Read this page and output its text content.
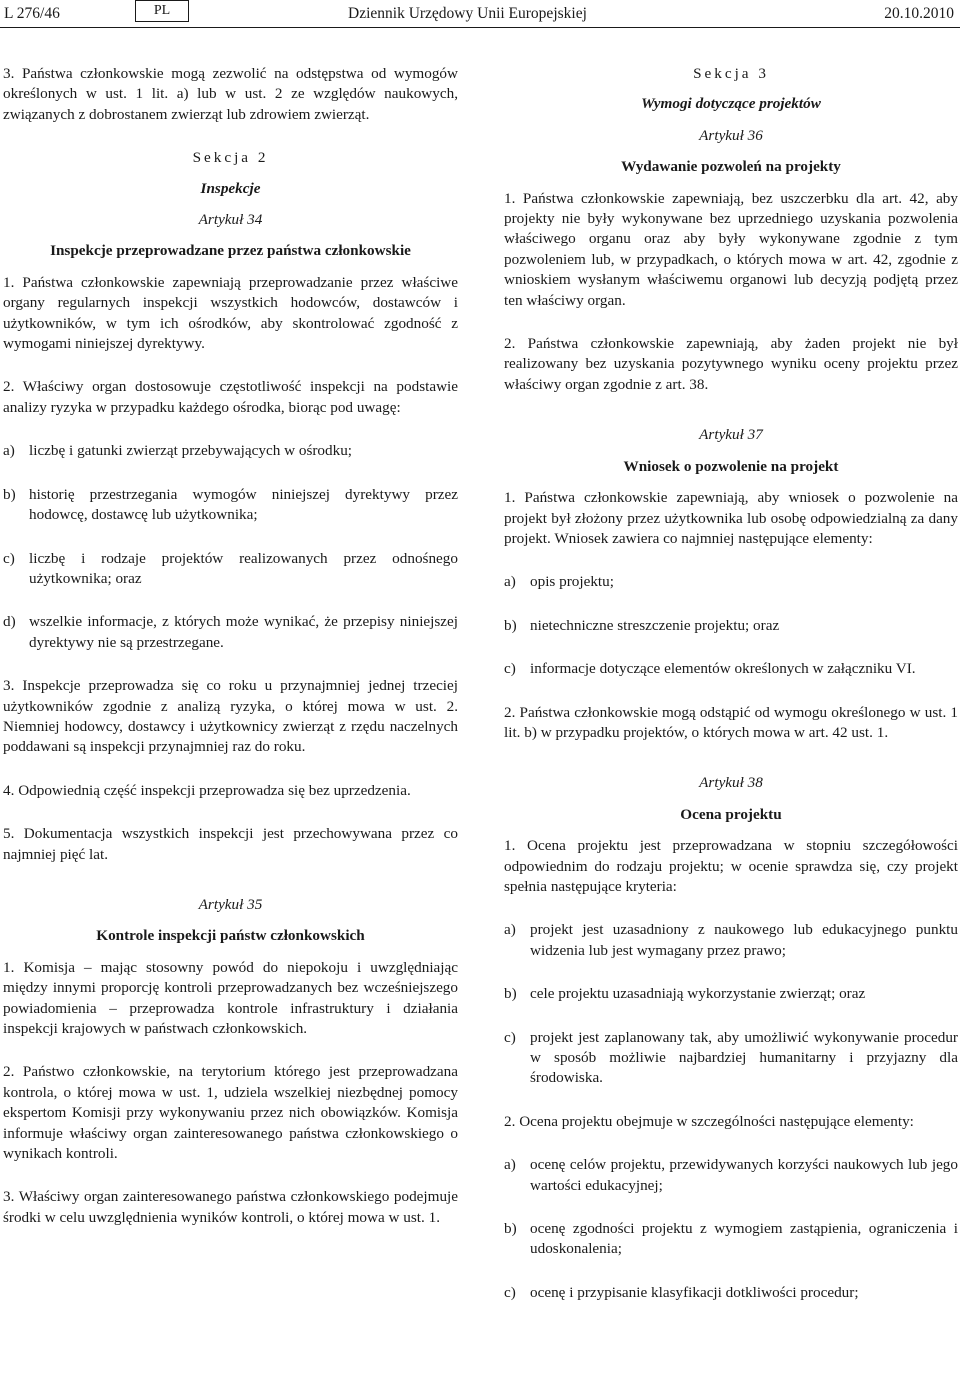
L 276/46	PL	Dziennik Urzędowy Unii Europejskiej	20.10.2010

3. Państwa członkowskie mogą zezwolić na odstępstwa od wymogów określonych w ust. 1 lit. a) lub w ust. 2 ze względów naukowych, związanych z dobrostanem zwierząt lub zdrowiem zwierząt.

Sekcja 2
Inspekcje
Artykuł 34
Inspekcje przeprowadzane przez państwa członkowskie

1. Państwa członkowskie zapewniają przeprowadzanie przez właściwe organy regularnych inspekcji wszystkich hodowców, dostawców i użytkowników, w tym ich ośrodków, aby skontrolować zgodność z wymogami niniejszej dyrektywy.

2. Właściwy organ dostosowuje częstotliwość inspekcji na podstawie analizy ryzyka w przypadku każdego ośrodka, biorąc pod uwagę:

a) liczbę i gatunki zwierząt przebywających w ośrodku;
b) historię przestrzegania wymogów niniejszej dyrektywy przez hodowcę, dostawcę lub użytkownika;
c) liczbę i rodzaje projektów realizowanych przez odnośnego użytkownika; oraz
d) wszelkie informacje, z których może wynikać, że przepisy niniejszej dyrektywy nie są przestrzegane.

3. Inspekcje przeprowadza się co roku u przynajmniej jednej trzeciej użytkowników zgodnie z analizą ryzyka, o której mowa w ust. 2. Niemniej hodowcy, dostawcy i użytkownicy zwierząt z rzędu naczelnych poddawani są inspekcji przynajmniej raz do roku.

4. Odpowiednią część inspekcji przeprowadza się bez uprzedzenia.

5. Dokumentacja wszystkich inspekcji jest przechowywana przez co najmniej pięć lat.

Artykuł 35
Kontrole inspekcji państw członkowskich

1. Komisja – mając stosowny powód do niepokoju i uwzględniając między innymi proporcję kontroli przeprowadzanych bez wcześniejszego powiadomienia – przeprowadza kontrole infrastruktury i działania inspekcji krajowych w państwach członkowskich.

2. Państwo członkowskie, na terytorium którego jest przeprowadzana kontrola, o której mowa w ust. 1, udziela wszelkiej niezbędnej pomocy ekspertom Komisji przy wykonywaniu przez nich obowiązków. Komisja informuje właściwy organ zainteresowanego państwa członkowskiego o wynikach kontroli.

3. Właściwy organ zainteresowanego państwa członkowskiego podejmuje środki w celu uwzględnienia wyników kontroli, o której mowa w ust. 1.

Sekcja 3
Wymogi dotyczące projektów
Artykuł 36
Wydawanie pozwoleń na projekty

1. Państwa członkowskie zapewniają, bez uszczerbku dla art. 42, aby projekty nie były wykonywane bez uprzedniego uzyskania pozwolenia właściwego organu oraz aby były wykonywane zgodnie z tym pozwoleniem lub, w przypadkach, o których mowa w art. 42, zgodnie z wnioskiem wysłanym właściwemu organowi lub decyzją podjętą przez ten właściwy organ.

2. Państwa członkowskie zapewniają, aby żaden projekt nie był realizowany bez uzyskania pozytywnego wyniku oceny projektu przez właściwy organ zgodnie z art. 38.

Artykuł 37
Wniosek o pozwolenie na projekt

1. Państwa członkowskie zapewniają, aby wniosek o pozwolenie na projekt był złożony przez użytkownika lub osobę odpowiedzialną za dany projekt. Wniosek zawiera co najmniej następujące elementy:

a) opis projektu;
b) nietechniczne streszczenie projektu; oraz
c) informacje dotyczące elementów określonych w załączniku VI.

2. Państwa członkowskie mogą odstąpić od wymogu określonego w ust. 1 lit. b) w przypadku projektów, o których mowa w art. 42 ust. 1.

Artykuł 38
Ocena projektu

1. Ocena projektu jest przeprowadzana w stopniu szczegółowości odpowiednim do rodzaju projektu; w ocenie sprawdza się, czy projekt spełnia następujące kryteria:

a) projekt jest uzasadniony z naukowego lub edukacyjnego punktu widzenia lub jest wymagany przez prawo;
b) cele projektu uzasadniają wykorzystanie zwierząt; oraz
c) projekt jest zaplanowany tak, aby umożliwić wykonywanie procedur w sposób możliwie najbardziej humanitarny i przyjazny dla środowiska.

2. Ocena projektu obejmuje w szczególności następujące elementy:

a) ocenę celów projektu, przewidywanych korzyści naukowych lub jego wartości edukacyjnej;
b) ocenę zgodności projektu z wymogiem zastąpienia, ograniczenia i udoskonalenia;
c) ocenę i przypisanie klasyfikacji dotkliwości procedur;
